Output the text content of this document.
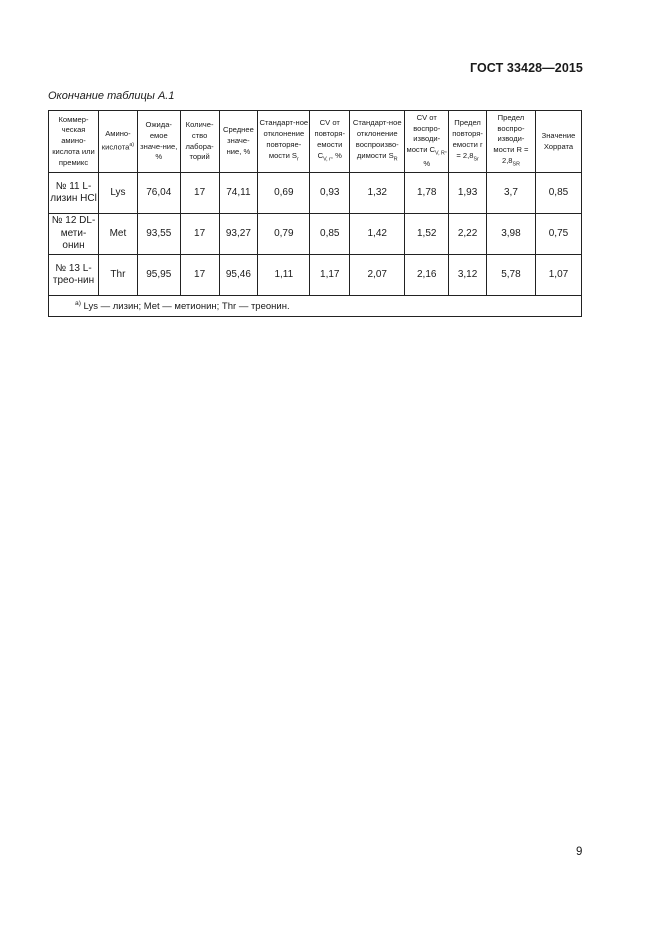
ГОСТ 33428—2015
Окончание таблицы А.1
Коммер-ческая амино-кислота или премикс	Амино-кислота$^{а)}$	Ожида-емое значе-ние, %	Количе-ство лабора-торий	Среднее значе-ние, %	Стандарт-ное отклонение повторяе-мости $S_r$	CV от повторя-емости $C_{V, r}$, %	Стандарт-ное отклонение воспроизво-димости $S_R$	CV от воспро-изводи-мости $C_{V, R}$, %	Предел повторя-емости $r = 2,8_{Sr}$	Предел воспро-изводи-мости $R = 2,8_{SR}$	Значение Хоррата
№ 11 L-лизин HCl	Lys	76,04	17	74,11	0,69	0,93	1,32	1,78	1,93	3,7	0,85
№ 12 DL-мети-онин	Met	93,55	17	93,27	0,79	0,85	1,42	1,52	2,22	3,98	0,75
№ 13 L-трео-нин	Thr	95,95	17	95,46	1,11	1,17	2,07	2,16	3,12	5,78	1,07
$^{а)}$ Lys — лизин; Met — метионин; Thr — треонин.											
9
